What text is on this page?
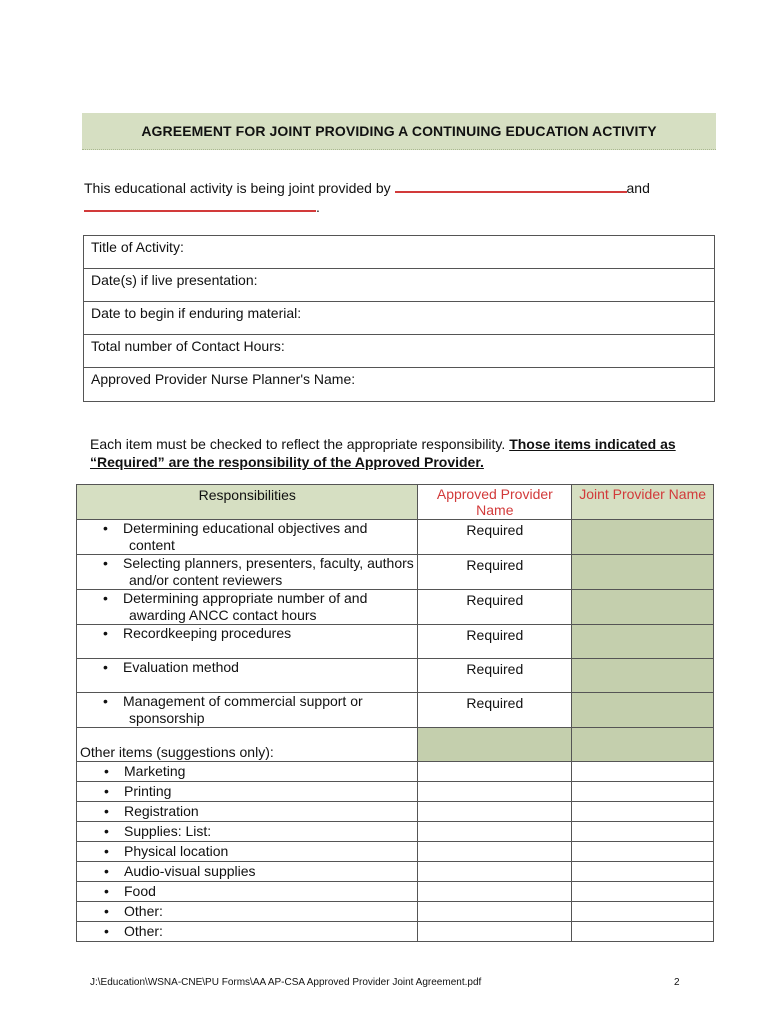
AGREEMENT FOR JOINT PROVIDING A CONTINUING EDUCATION ACTIVITY
This educational activity is being joint provided by	and
.
Title of Activity:
Date(s) if live presentation:
Date to begin if enduring material:
Total number of Contact Hours:
Approved Provider Nurse Planner's Name:
Each item must be checked to reflect the appropriate responsibility. Those items indicated as “Required” are the responsibility of the Approved Provider.
Responsibilities	Approved Provider Name	Joint Provider Name

• Determining educational objectives and
content	Required	

• Selecting planners, presenters, faculty, authors
and/or content reviewers	Required	

• Determining appropriate number of and
awarding ANCC contact hours	Required	

• Recordkeeping procedures	Required	

• Evaluation method	Required	

• Management of commercial support or
sponsorship	Required	
Other items (suggestions only):		

• Marketing		

• Printing		

• Registration		

• Supplies: List:		

• Physical location		

• Audio-visual supplies		

• Food		

• Other:		

• Other:		

J:\Education\WSNA-CNE\PU Forms\AA AP-CSA Approved Provider Joint Agreement.pdf	2
